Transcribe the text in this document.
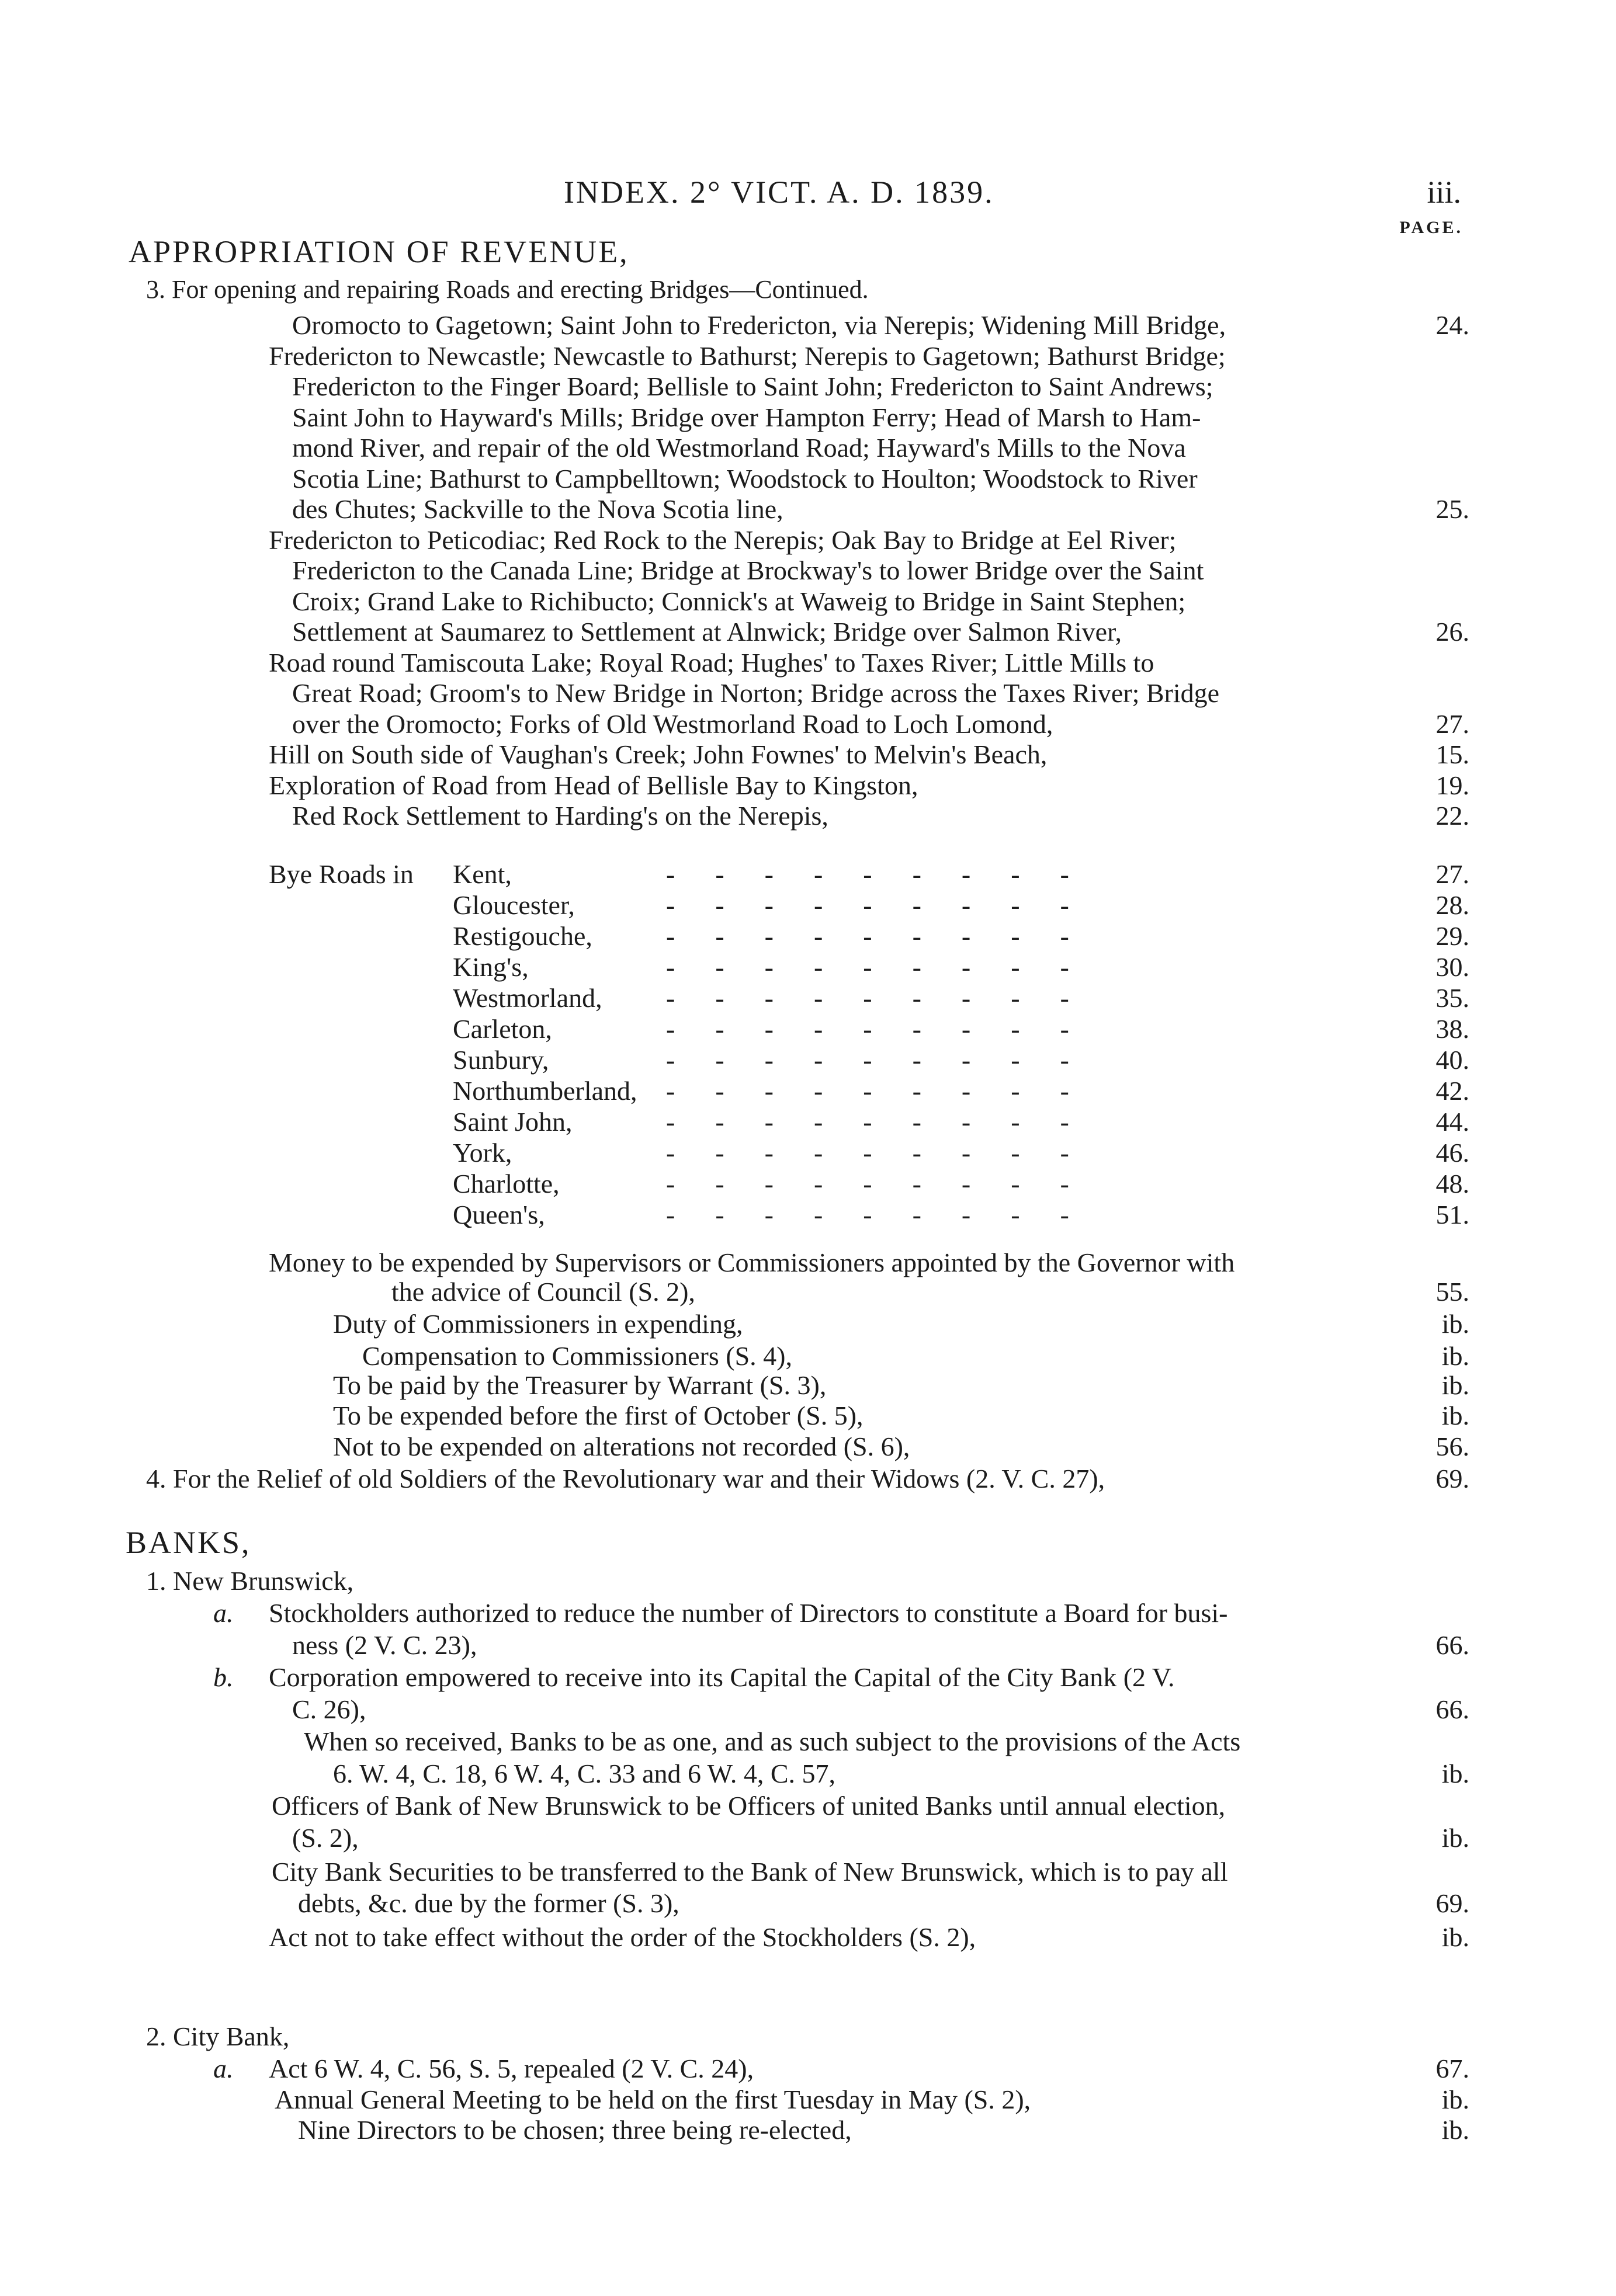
INDEX. 2° VICT. A. D. 1839.	iii.
PAGE.
APPROPRIATION OF REVENUE,
3. For opening and repairing Roads and erecting Bridges—Continued.
Oromocto to Gagetown; Saint John to Fredericton, via Nerepis; Widening Mill Bridge,	24.
Fredericton to Newcastle; Newcastle to Bathurst; Nerepis to Gagetown; Bathurst Bridge;
Fredericton to the Finger Board; Bellisle to Saint John; Fredericton to Saint Andrews;
Saint John to Hayward's Mills; Bridge over Hampton Ferry; Head of Marsh to Ham-
mond River, and repair of the old Westmorland Road; Hayward's Mills to the Nova
Scotia Line; Bathurst to Campbelltown; Woodstock to Houlton; Woodstock to River
des Chutes; Sackville to the Nova Scotia line,	25.
Fredericton to Peticodiac; Red Rock to the Nerepis; Oak Bay to Bridge at Eel River;
Fredericton to the Canada Line; Bridge at Brockway's to lower Bridge over the Saint
Croix; Grand Lake to Richibucto; Connick's at Waweig to Bridge in Saint Stephen;
Settlement at Saumarez to Settlement at Alnwick; Bridge over Salmon River,	26.
Road round Tamiscouta Lake; Royal Road; Hughes' to Taxes River; Little Mills to
Great Road; Groom's to New Bridge in Norton; Bridge across the Taxes River; Bridge
over the Oromocto; Forks of Old Westmorland Road to Loch Lomond,	27.
Hill on South side of Vaughan's Creek; John Fownes' to Melvin's Beach,	15.
Exploration of Road from Head of Bellisle Bay to Kingston,	19.
Red Rock Settlement to Harding's on the Nerepis,	22.
Bye Roads in Kent,	27.
-      -      -      -      -      -      -      -      -
Gloucester,	28.
-      -      -      -      -      -      -      -      -
Restigouche,	29.
-      -      -      -      -      -      -      -      -
King's,	30.
-      -      -      -      -      -      -      -      -
Westmorland,	35.
-      -      -      -      -      -      -      -      -
Carleton,	38.
-      -      -      -      -      -      -      -      -
Sunbury,	40.
-      -      -      -      -      -      -      -      -
Northumberland,	42.
-      -      -      -      -      -      -      -      -
Saint John,	44.
-      -      -      -      -      -      -      -      -
York,	46.
-      -      -      -      -      -      -      -      -
Charlotte,	48.
-      -      -      -      -      -      -      -      -
Queen's,	51.
-      -      -      -      -      -      -      -      -
Money to be expended by Supervisors or Commissioners appointed by the Governor with
the advice of Council (S. 2),	55.
Duty of Commissioners in expending,	ib.
Compensation to Commissioners (S. 4),	ib.
To be paid by the Treasurer by Warrant (S. 3),	ib.
To be expended before the first of October (S. 5),	ib.
Not to be expended on alterations not recorded (S. 6),	56.
4. For the Relief of old Soldiers of the Revolutionary war and their Widows (2. V. C. 27),	69.
BANKS,
1. New Brunswick,
Stockholders authorized to reduce the number of Directors to constitute a Board for busi-
a.
ness (2 V. C. 23),	66.
Corporation empowered to receive into its Capital the Capital of the City Bank (2 V.
b.
C. 26),	66.
When so received, Banks to be as one, and as such subject to the provisions of the Acts
6. W. 4, C. 18, 6 W. 4, C. 33 and 6 W. 4, C. 57,	ib.
Officers of Bank of New Brunswick to be Officers of united Banks until annual election,
(S. 2),	ib.
City Bank Securities to be transferred to the Bank of New Brunswick, which is to pay all
debts, &c. due by the former (S. 3),	69.
Act not to take effect without the order of the Stockholders (S. 2),	ib.
2. City Bank,
Act 6 W. 4, C. 56, S. 5, repealed (2 V. C. 24),	67.
a.
Annual General Meeting to be held on the first Tuesday in May (S. 2),	ib.
Nine Directors to be chosen; three being re-elected,	ib.
